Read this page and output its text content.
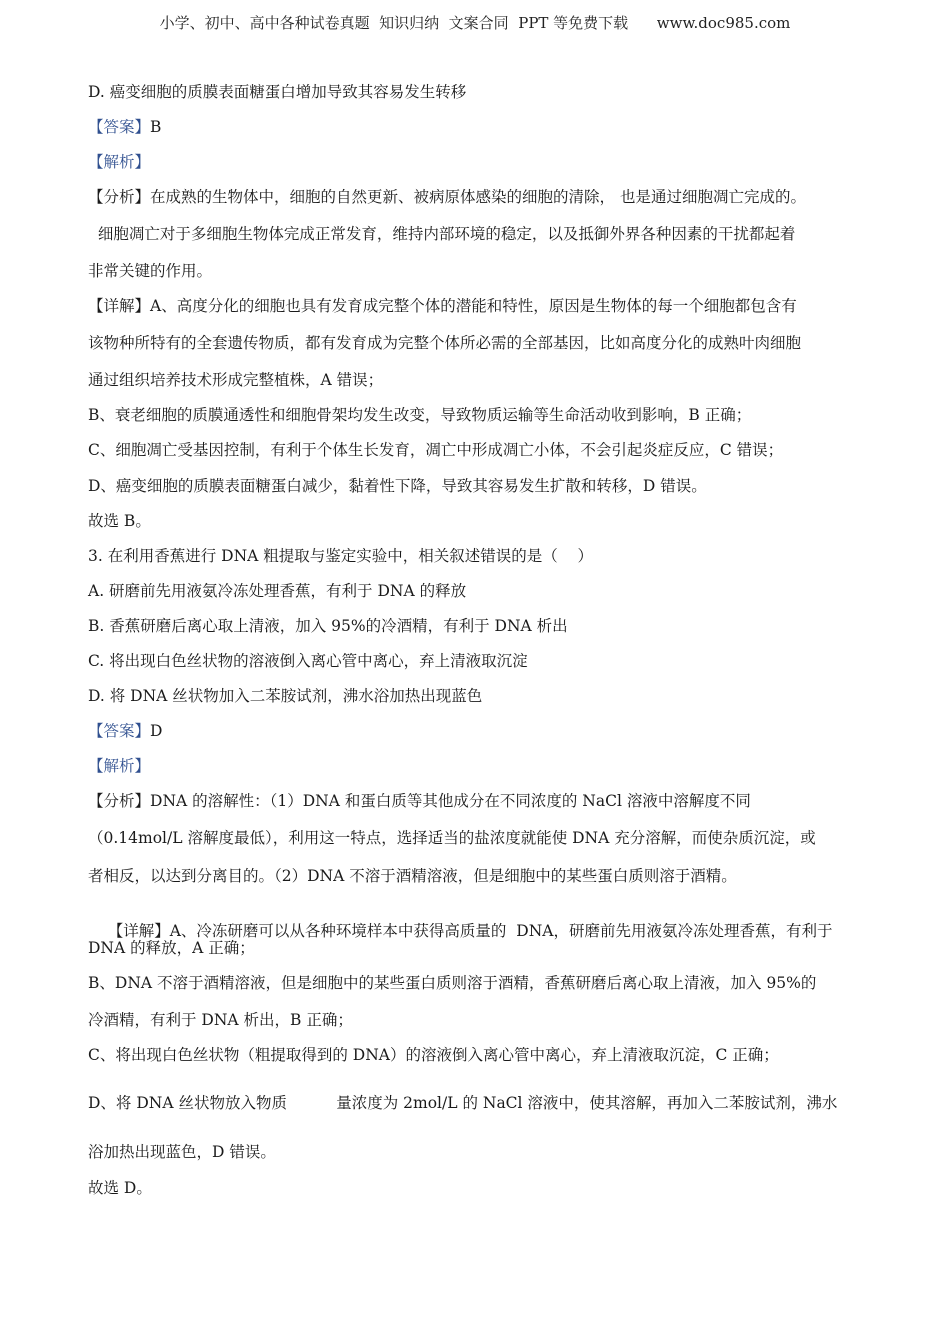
小学、初中、高中各种试卷真题  知识归纳  文案合同  PPT 等免费下载      www.doc985.com
D. 癌变细胞的质膜表面糖蛋白增加导致其容易发生转移
【答案】B
【解析】
【分析】在成熟的生物体中，细胞的自然更新、被病原体感染的细胞的清除， 也是通过细胞凋亡完成的。
细胞凋亡对于多细胞生物体完成正常发育，维持内部环境的稳定，以及抵御外界各种因素的干扰都起着
非常关键的作用。
【详解】A、高度分化的细胞也具有发育成完整个体的潜能和特性，原因是生物体的每一个细胞都包含有
该物种所特有的全套遗传物质，都有发育成为完整个体所必需的全部基因，比如高度分化的成熟叶肉细胞
通过组织培养技术形成完整植株，A 错误；
B、衰老细胞的质膜通透性和细胞骨架均发生改变，导致物质运输等生命活动收到影响，B 正确；
C、细胞凋亡受基因控制，有利于个体生长发育，凋亡中形成凋亡小体，不会引起炎症反应，C 错误；
D、癌变细胞的质膜表面糖蛋白减少，黏着性下降，导致其容易发生扩散和转移，D 错误。
故选 B。
3. 在利用香蕉进行 DNA 粗提取与鉴定实验中，相关叙述错误的是（    ）
A. 研磨前先用液氨冷冻处理香蕉，有利于 DNA 的释放
B. 香蕉研磨后离心取上清液，加入 95%的冷酒精，有利于 DNA 析出
C. 将出现白色丝状物的溶液倒入离心管中离心，弃上清液取沉淀
D. 将 DNA 丝状物加入二苯胺试剂，沸水浴加热出现蓝色
【答案】D
【解析】
【分析】DNA 的溶解性：（1）DNA 和蛋白质等其他成分在不同浓度的 NaCl 溶液中溶解度不同
（0.14mol/L 溶解度最低），利用这一特点，选择适当的盐浓度就能使 DNA 充分溶解，而使杂质沉淀，或
者相反，以达到分离目的。（2）DNA 不溶于酒精溶液，但是细胞中的某些蛋白质则溶于酒精。

【详解】A、冷冻研磨可以从各种环境样本中获得高质量的  DNA，研磨前先用液氨冷冻处理香蕉，有利于

DNA 的释放，A 正确；
B、DNA 不溶于酒精溶液，但是细胞中的某些蛋白质则溶于酒精，香蕉研磨后离心取上清液，加入 95%的
冷酒精，有利于 DNA 析出，B 正确；
C、将出现白色丝状物（粗提取得到的 DNA）的溶液倒入离心管中离心，弃上清液取沉淀，C 正确；
D、将 DNA 丝状物放入物质          量浓度为 2mol/L 的 NaCl 溶液中，使其溶解，再加入二苯胺试剂，沸水
浴加热出现蓝色，D 错误。
故选 D。
